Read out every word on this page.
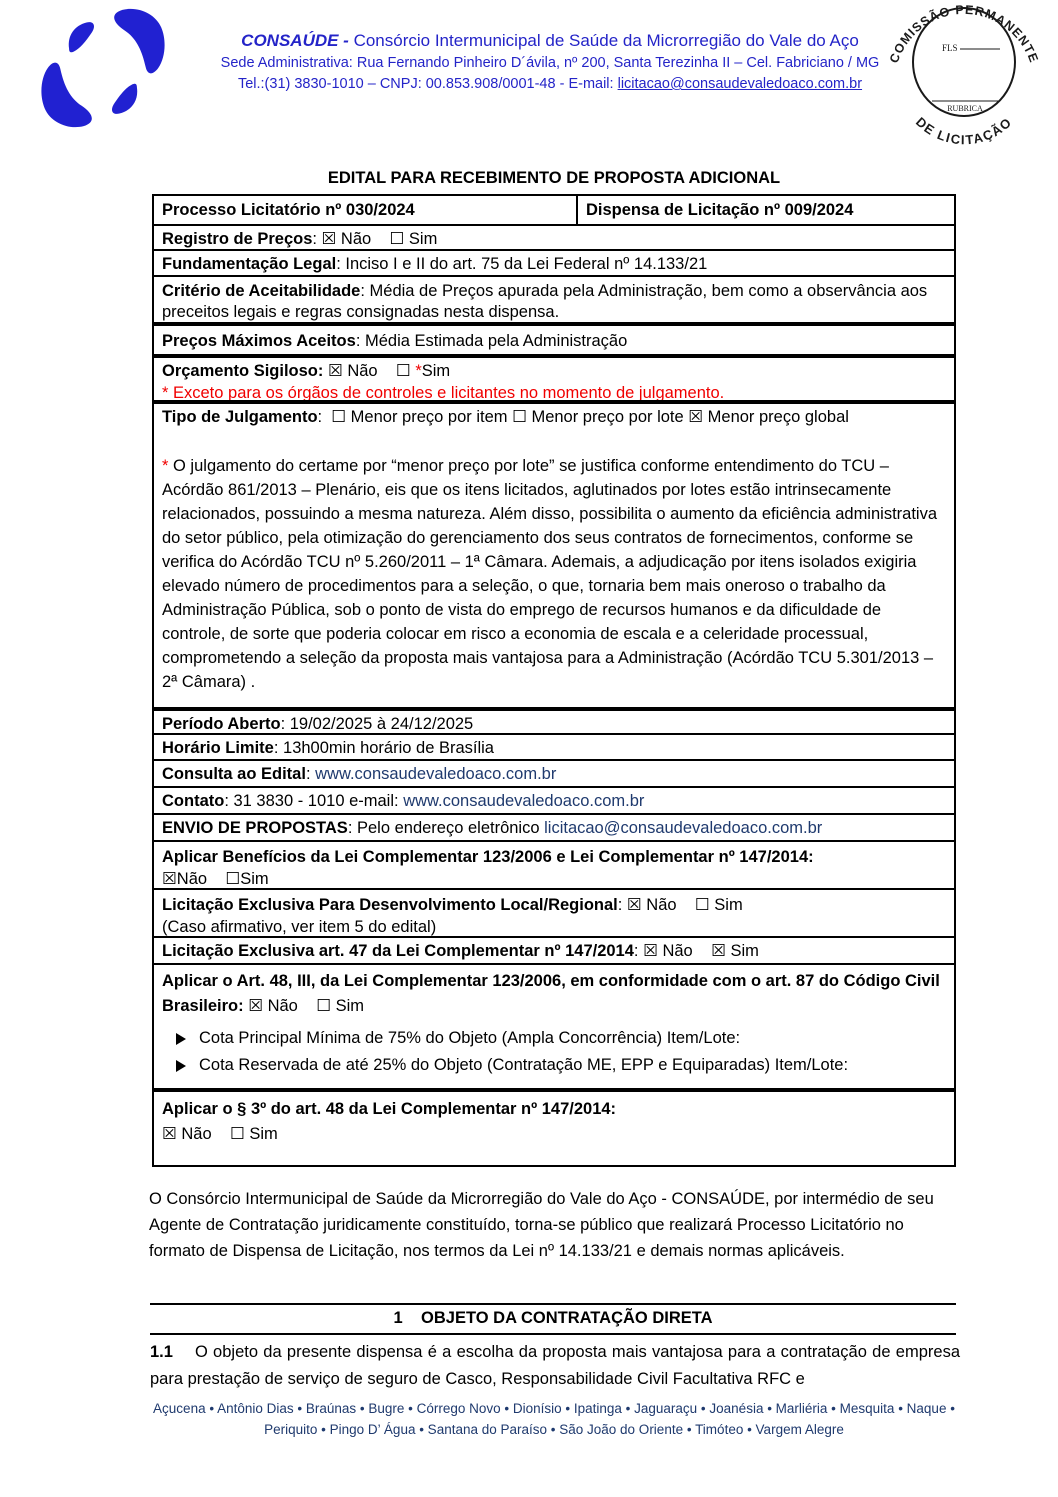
CONSAÚDE - Consórcio Intermunicipal de Saúde da Microrregião do Vale do Aço
Sede Administrativa: Rua Fernando Pinheiro D´ávila, nº 200, Santa Terezinha II – Cel. Fabriciano / MG
Tel.:(31) 3830-1010 – CNPJ: 00.853.908/0001-48 - E-mail: licitacao@consaudevaledoaco.com.br
COMISSÃO PERMANENTE
DE LICITAÇÃO
FLS
RUBRICA
EDITAL PARA RECEBIMENTO DE PROPOSTA ADICIONAL
Processo Licitatório nº 030/2024	Dispensa de Licitação nº 009/2024
Registro de Preços: ☒ Não    ☐ Sim
Fundamentação Legal: Inciso I e II do art. 75 da Lei Federal nº 14.133/21
Critério de Aceitabilidade: Média de Preços apurada pela Administração, bem como a observância aos preceitos legais e regras consignadas nesta dispensa.
Preços Máximos Aceitos: Média Estimada pela Administração
Orçamento Sigiloso: ☒ Não    ☐ *Sim
* Exceto para os órgãos de controles e licitantes no momento de julgamento.
Tipo de Julgamento:  ☐ Menor preço por item ☐ Menor preço por lote ☒ Menor preço global
* O julgamento do certame por “menor preço por lote” se justifica conforme entendimento do TCU – Acórdão 861/2013 – Plenário, eis que os itens licitados, aglutinados por lotes estão intrinsecamente relacionados, possuindo a mesma natureza. Além disso, possibilita o aumento da eficiência administrativa do setor público, pela otimização do gerenciamento dos seus contratos de fornecimentos, conforme se verifica do Acórdão TCU nº 5.260/2011 – 1ª Câmara. Ademais, a adjudicação por itens isolados exigiria elevado número de procedimentos para a seleção, o que, tornaria bem mais oneroso o trabalho da Administração Pública, sob o ponto de vista do emprego de recursos humanos e da dificuldade de controle, de sorte que poderia colocar em risco a economia de escala e a celeridade processual, comprometendo a seleção da proposta mais vantajosa para a Administração (Acórdão TCU 5.301/2013 – 2ª Câmara) .
Período Aberto: 19/02/2025 à 24/12/2025
Horário Limite: 13h00min horário de Brasília
Consulta ao Edital: www.consaudevaledoaco.com.br
Contato: 31 3830 - 1010 e-mail: www.consaudevaledoaco.com.br
ENVIO DE PROPOSTAS: Pelo endereço eletrônico licitacao@consaudevaledoaco.com.br
Aplicar Benefícios da Lei Complementar 123/2006 e Lei Complementar nº 147/2014:
☒Não    ☐Sim
Licitação Exclusiva Para Desenvolvimento Local/Regional: ☒ Não    ☐ Sim
(Caso afirmativo, ver item 5 do edital)
Licitação Exclusiva art. 47 da Lei Complementar nº 147/2014: ☒ Não    ☒ Sim
Aplicar o Art. 48, III, da Lei Complementar 123/2006, em conformidade com o art. 87 do Código Civil Brasileiro: ☒ Não    ☐ Sim
Cota Principal Mínima de 75% do Objeto (Ampla Concorrência) Item/Lote:
Cota Reservada de até 25% do Objeto (Contratação ME, EPP e Equiparadas) Item/Lote:
Aplicar o § 3º do art. 48 da Lei Complementar nº 147/2014:
☒ Não    ☐ Sim
O Consórcio Intermunicipal de Saúde da Microrregião do Vale do Aço - CONSAÚDE, por intermédio de seu Agente de Contratação juridicamente constituído, torna-se público que realizará Processo Licitatório no formato de Dispensa de Licitação, nos termos da Lei nº 14.133/21 e demais normas aplicáveis.
1 OBJETO DA CONTRATAÇÃO DIRETA
1.1 O objeto da presente dispensa é a escolha da proposta mais vantajosa para a contratação de empresa para prestação de serviço de seguro de Casco, Responsabilidade Civil Facultativa RFC e
Açucena • Antônio Dias • Braúnas • Bugre • Córrego Novo • Dionísio • Ipatinga • Jaguaraçu • Joanésia • Marliéria • Mesquita • Naque • Periquito • Pingo D’ Água • Santana do Paraíso • São João do Oriente • Timóteo • Vargem Alegre
